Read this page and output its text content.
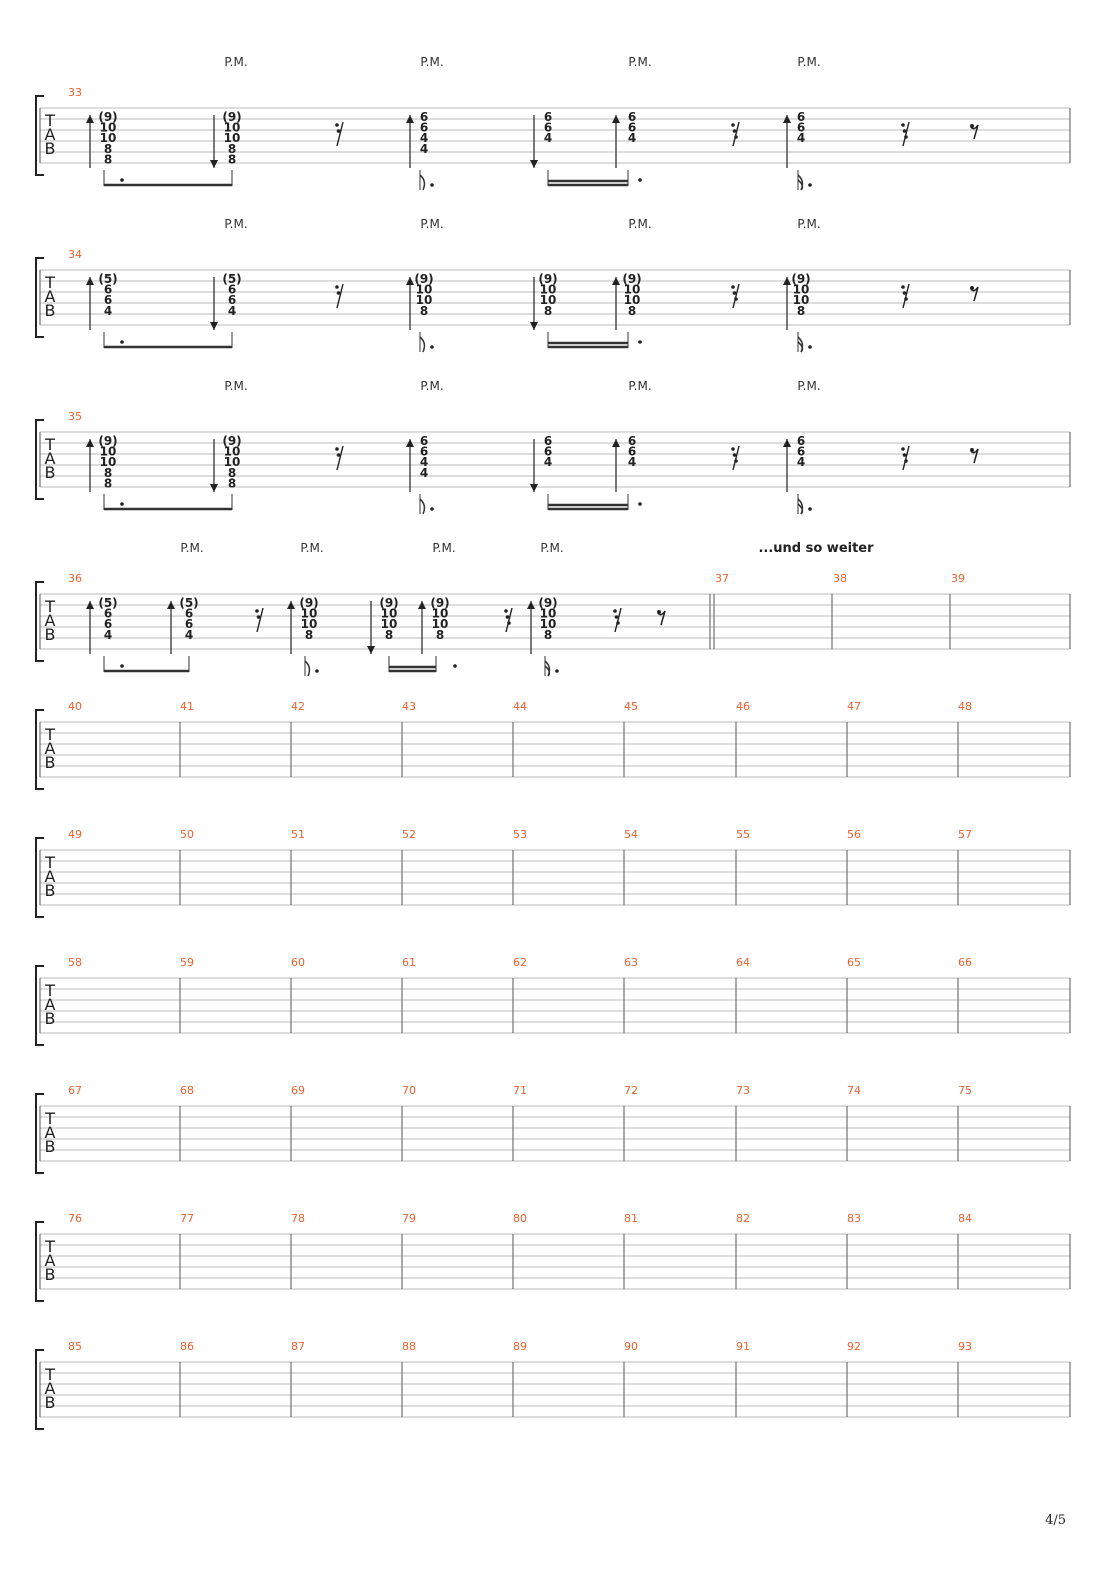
T
A
B
33
P.M.	P.M.	P.M.	P.M.
(9)
10
10
8
8
(9)
10
10
8
8
6
6
4
4
6
6
4
6
6
4
6
6
4
T
A
B
34
P.M.	P.M.	P.M.	P.M.
(5)
6
6
4
(5)
6
6
4
(9)
10
10
8
(9)
10
10
8
(9)
10
10
8
(9)
10
10
8
T
A
B
35
P.M.	P.M.	P.M.	P.M.
(9)
10
10
8
8
(9)
10
10
8
8
6
6
4
4
6
6
4
6
6
4
6
6
4
T
A
B
36	37	38	39
P.M.	P.M.	P.M.	P.M.	...und so weiter
(5)
6
6
4
(5)
6
6
4
(9)
10
10
8
(9)
10
10
8
(9)
10
10
8
(9)
10
10
8
T
A
B
40	41	42	43	44	45	46	47	48
T
A
B
49	50	51	52	53	54	55	56	57
T
A
B
58	59	60	61	62	63	64	65	66
T
A
B
67	68	69	70	71	72	73	74	75
T
A
B
76	77	78	79	80	81	82	83	84
T
A
B
85	86	87	88	89	90	91	92	93
4/5
